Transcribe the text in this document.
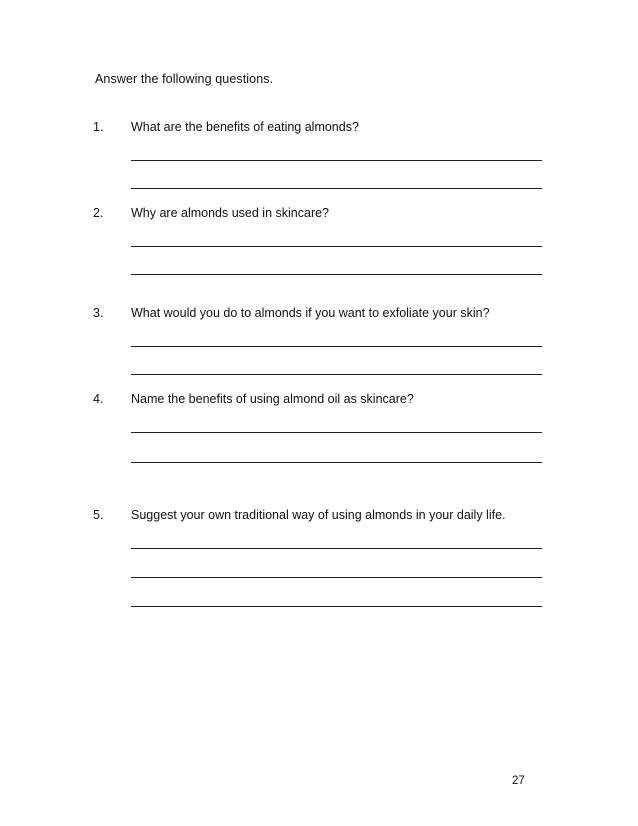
Answer the following questions.
1. What are the benefits of eating almonds?
2. Why are almonds used in skincare?
3. What would you do to almonds if you want to exfoliate your skin?
4. Name the benefits of using almond oil as skincare?
5. Suggest your own traditional way of using almonds in your daily life.
27
